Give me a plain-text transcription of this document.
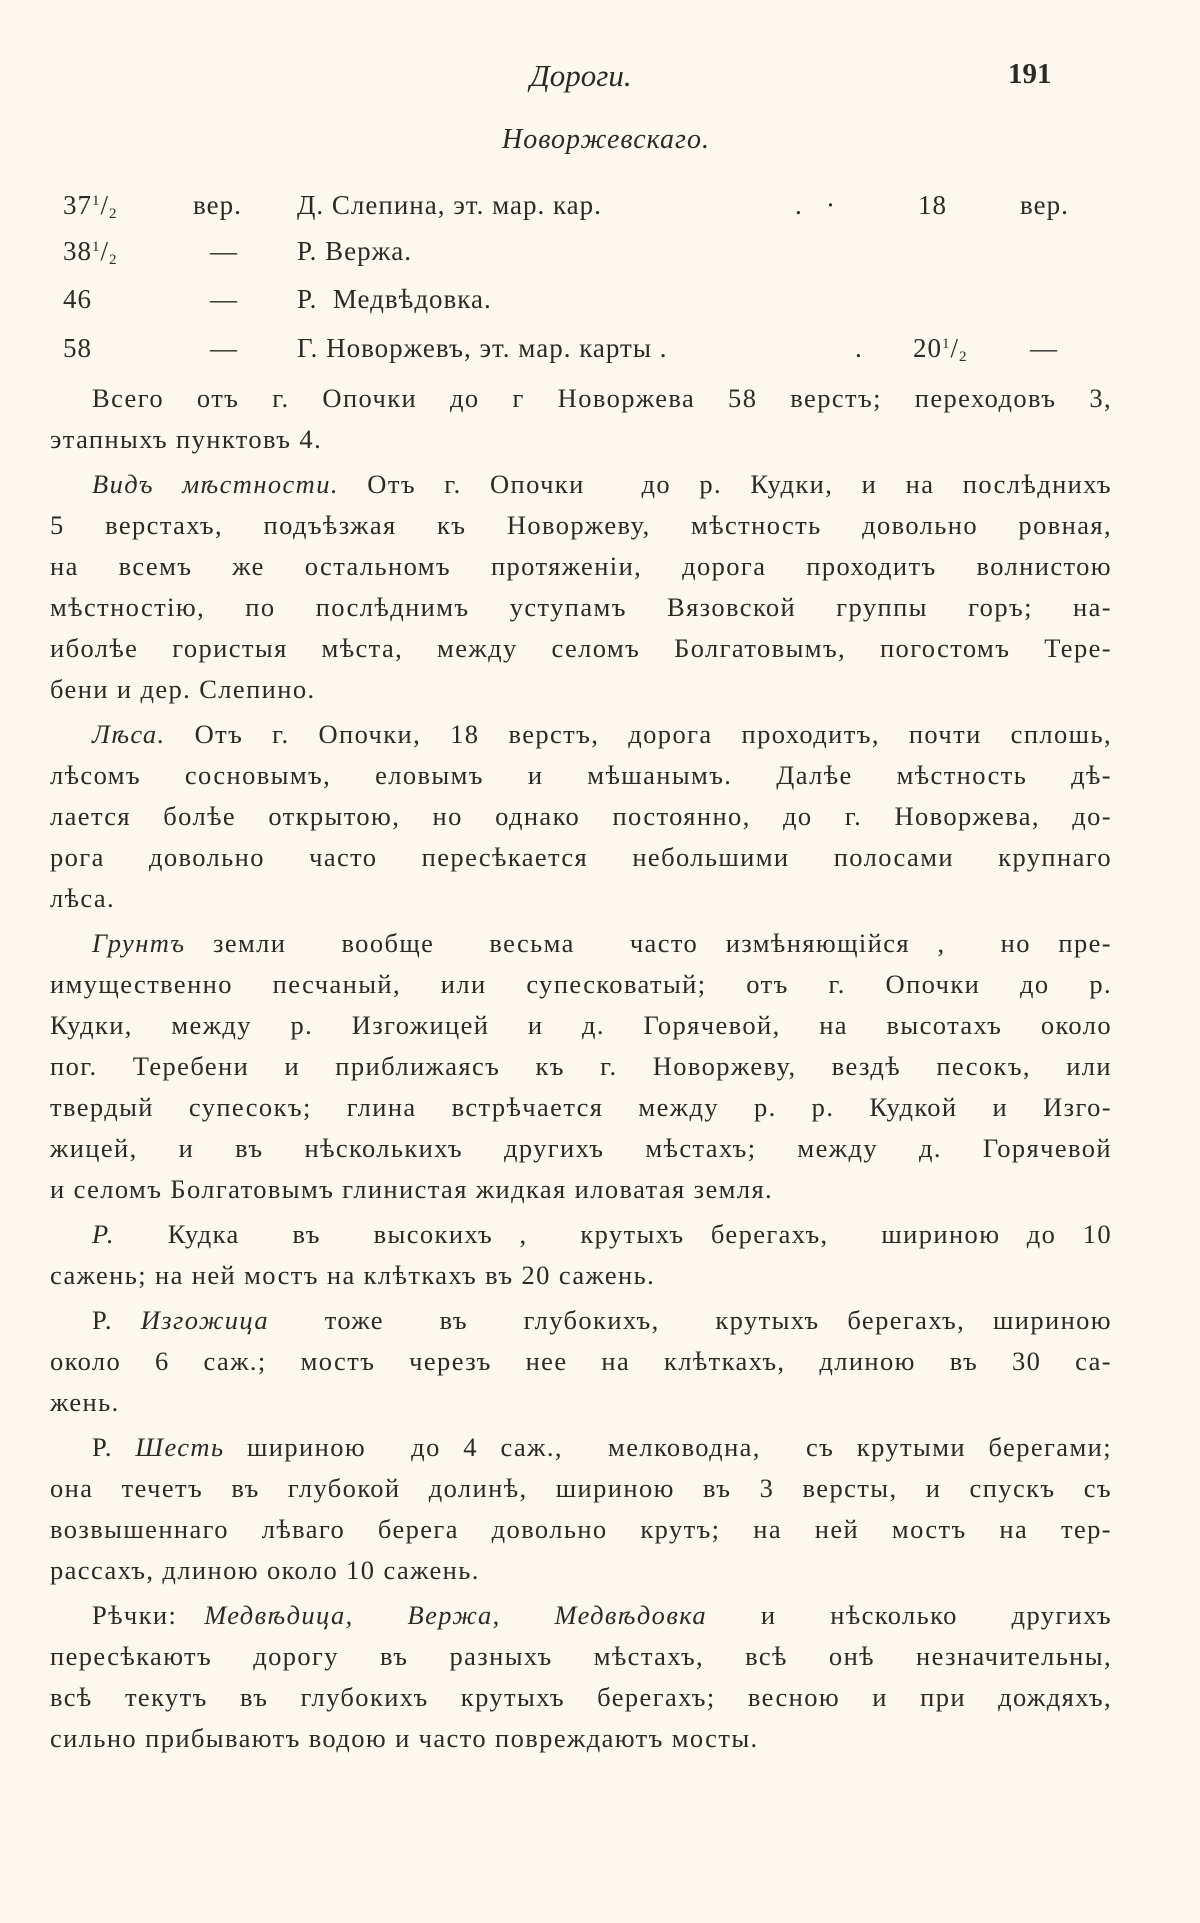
Дороги.	191
Новоржевскаго.
$37^1/_2$	вер. Д. Слепина, эт. мар. кар.	.   ·	18	вер.
$38^1/_2$	— Р. Вержа.
46	— Р.  Медвѣдовка.
58	— Г. Новоржевъ, эт. мар. карты .	. $20^1/_2$ —
Всего отъ г. Опочки до г Новоржева 58 верстъ; переходовъ 3,
этапныхъ пунктовъ 4.
Видъ мѣстности. Отъ г. Опочки  до р. Кудки, и на послѣднихъ
5 верстахъ, подъѣзжая къ Новоржеву, мѣстность довольно ровная,
на всемъ же остальномъ протяженіи, дорога проходитъ волнистою
мѣстностію, по послѣднимъ уступамъ Вязовской группы горъ; на-
иболѣе гористыя мѣста, между селомъ Болгатовымъ, погостомъ Тере-
бени и дер. Слепино.
Лѣса. Отъ г. Опочки, 18 верстъ, дорога проходитъ, почти сплошь,
лѣсомъ сосновымъ, еловымъ и мѣшанымъ. Далѣе мѣстность дѣ-
лается болѣе открытою, но однако постоянно, до г. Новоржева, до-
рога довольно часто пересѣкается небольшими полосами крупнаго
лѣса.
Грунтъ земли  вообще  весьма  часто измѣняющійся ,  но пре-
имущественно песчаный, или супесковатый; отъ г. Опочки до р.
Кудки, между р. Изгожицей и д. Горячевой, на высотахъ около
пог. Теребени и приближаясъ къ г. Новоржеву, вездѣ песокъ, или
твердый супесокъ; глина встрѣчается между р. р. Кудкой и Изго-
жицей, и въ нѣсколькихъ другихъ мѣстахъ; между д. Горячевой
и селомъ Болгатовымъ глинистая жидкая иловатая земля.
Р.  Кудка  въ  высокихъ ,  крутыхъ берегахъ,  шириною до 10
сажень; на ней мостъ на клѣткахъ въ 20 сажень.
Р. Изгожица  тоже  въ  глубокихъ,  крутыхъ берегахъ, шириною
около 6 саж.; мостъ черезъ нее на клѣткахъ, длиною въ 30 са-
жень.
Р. Шесть шириною  до 4 саж.,  мелководна,  съ крутыми берегами;
она течетъ въ глубокой долинѣ, шириною въ 3 версты, и спускъ съ
возвышеннаго лѣваго берега довольно крутъ; на ней мостъ на тер-
рассахъ, длиною около 10 сажень.
Рѣчки: Медвѣдица,  Вержа,  Медвѣдовка  и  нѣсколько  другихъ
пересѣкаютъ дорогу въ разныхъ мѣстахъ, всѣ онѣ незначительны,
всѣ текутъ въ глубокихъ крутыхъ берегахъ; весною и при дождяхъ,
сильно прибываютъ водою и часто повреждаютъ мосты.
